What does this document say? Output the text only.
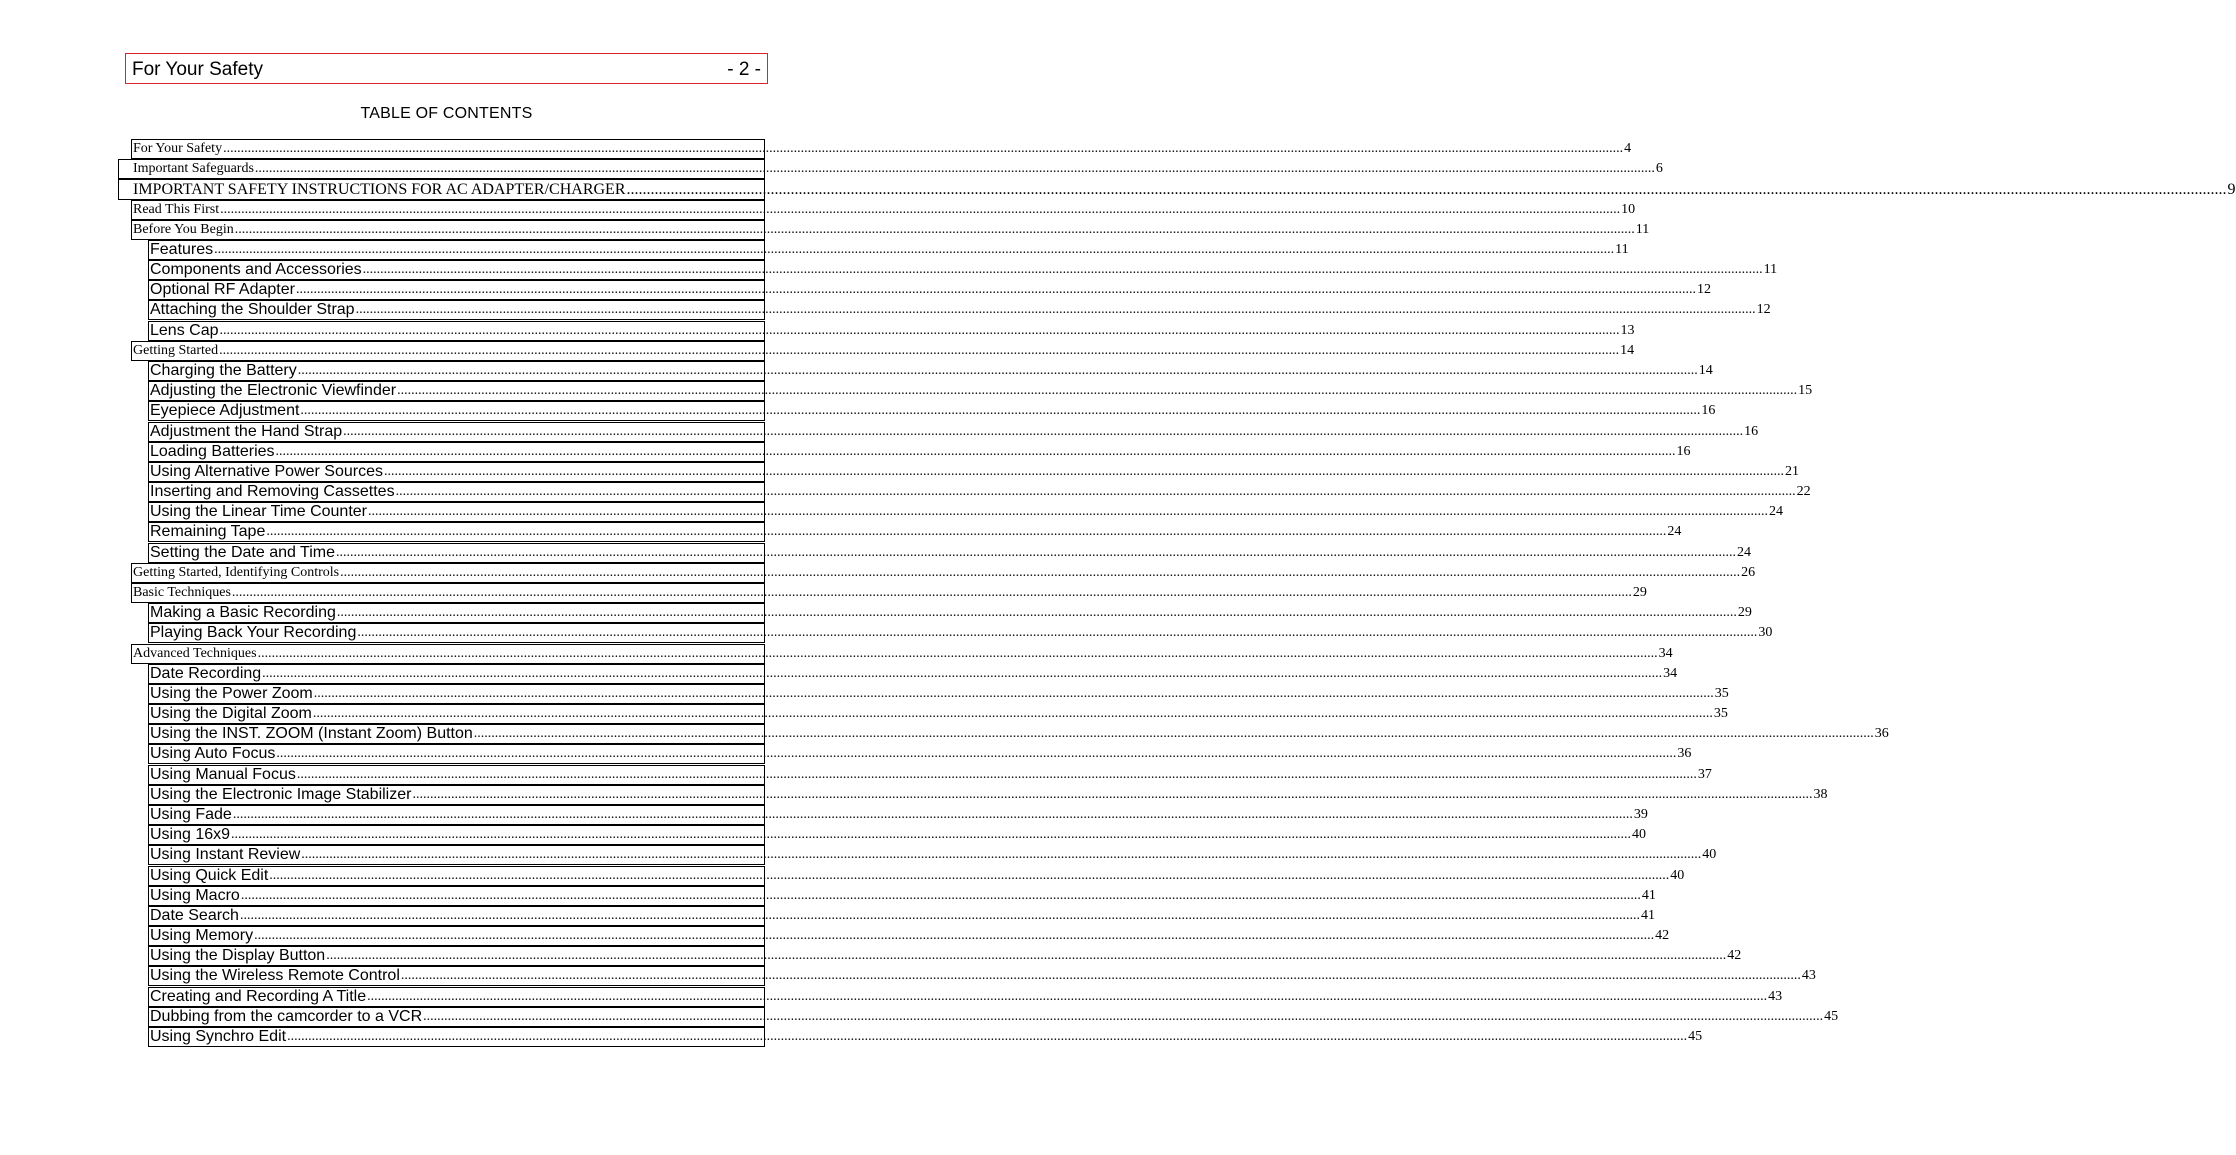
For Your Safety	- 2 -
TABLE OF CONTENTS
For Your Safety ................................................................................................................................................................................................................................................................................................................................................................................................................ 4
Important Safeguards ................................................................................................................................................................................................................................................................................................................................................................................................................ 6
IMPORTANT SAFETY INSTRUCTIONS FOR AC ADAPTER/CHARGER ................................................................................................................................................................................................................................................................................................................................................................................................................ 9
Read This First ................................................................................................................................................................................................................................................................................................................................................................................................................ 10
Before You Begin ................................................................................................................................................................................................................................................................................................................................................................................................................ 11
Features ................................................................................................................................................................................................................................................................................................................................................................................................................ 11
Components and Accessories ................................................................................................................................................................................................................................................................................................................................................................................................................ 11
Optional RF Adapter ................................................................................................................................................................................................................................................................................................................................................................................................................ 12
Attaching the Shoulder Strap ................................................................................................................................................................................................................................................................................................................................................................................................................ 12
Lens Cap ................................................................................................................................................................................................................................................................................................................................................................................................................ 13
Getting Started ................................................................................................................................................................................................................................................................................................................................................................................................................ 14
Charging the Battery ................................................................................................................................................................................................................................................................................................................................................................................................................ 14
Adjusting the Electronic Viewfinder ................................................................................................................................................................................................................................................................................................................................................................................................................ 15
Eyepiece Adjustment ................................................................................................................................................................................................................................................................................................................................................................................................................ 16
Adjustment the Hand Strap ................................................................................................................................................................................................................................................................................................................................................................................................................ 16
Loading Batteries ................................................................................................................................................................................................................................................................................................................................................................................................................ 16
Using Alternative Power Sources ................................................................................................................................................................................................................................................................................................................................................................................................................ 21
Inserting and Removing Cassettes ................................................................................................................................................................................................................................................................................................................................................................................................................ 22
Using the Linear Time Counter ................................................................................................................................................................................................................................................................................................................................................................................................................ 24
Remaining Tape ................................................................................................................................................................................................................................................................................................................................................................................................................ 24
Setting the Date and Time ................................................................................................................................................................................................................................................................................................................................................................................................................ 24
Getting Started, Identifying Controls ................................................................................................................................................................................................................................................................................................................................................................................................................ 26
Basic Techniques ................................................................................................................................................................................................................................................................................................................................................................................................................ 29
Making a Basic Recording ................................................................................................................................................................................................................................................................................................................................................................................................................ 29
Playing Back Your Recording ................................................................................................................................................................................................................................................................................................................................................................................................................ 30
Advanced Techniques ................................................................................................................................................................................................................................................................................................................................................................................................................ 34
Date Recording ................................................................................................................................................................................................................................................................................................................................................................................................................ 34
Using the Power Zoom ................................................................................................................................................................................................................................................................................................................................................................................................................ 35
Using the Digital Zoom ................................................................................................................................................................................................................................................................................................................................................................................................................ 35
Using the INST. ZOOM (Instant Zoom) Button ................................................................................................................................................................................................................................................................................................................................................................................................................ 36
Using Auto Focus ................................................................................................................................................................................................................................................................................................................................................................................................................ 36
Using Manual Focus ................................................................................................................................................................................................................................................................................................................................................................................................................ 37
Using the Electronic Image Stabilizer ................................................................................................................................................................................................................................................................................................................................................................................................................ 38
Using Fade ................................................................................................................................................................................................................................................................................................................................................................................................................ 39
Using 16x9 ................................................................................................................................................................................................................................................................................................................................................................................................................ 40
Using Instant Review ................................................................................................................................................................................................................................................................................................................................................................................................................ 40
Using Quick Edit ................................................................................................................................................................................................................................................................................................................................................................................................................ 40
Using Macro ................................................................................................................................................................................................................................................................................................................................................................................................................ 41
Date Search ................................................................................................................................................................................................................................................................................................................................................................................................................ 41
Using Memory ................................................................................................................................................................................................................................................................................................................................................................................................................ 42
Using the Display Button ................................................................................................................................................................................................................................................................................................................................................................................................................ 42
Using the Wireless Remote Control ................................................................................................................................................................................................................................................................................................................................................................................................................ 43
Creating and Recording A Title ................................................................................................................................................................................................................................................................................................................................................................................................................ 43
Dubbing from the camcorder to a VCR ................................................................................................................................................................................................................................................................................................................................................................................................................ 45
Using Synchro Edit ................................................................................................................................................................................................................................................................................................................................................................................................................ 45
